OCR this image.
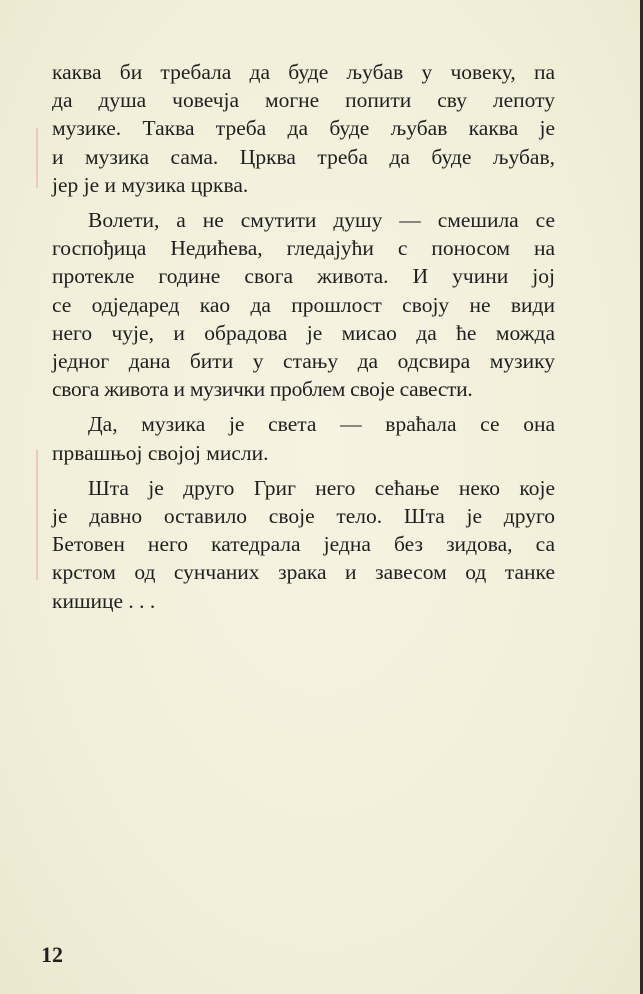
каква би требала да буде љубав у човеку, па
да душа човечја могне попити сву лепоту
музике. Таква треба да буде љубав каква је
и музика сама. Црква треба да буде љубав,
јер је и музика црква.
Волети, а не смутити душу — смешила се
госпођица Недићева, гледајући с поносом на
протекле године свога живота. И учини јој
се одједаред као да прошлост своју не види
него чује, и обрадова је мисао да ће можда
једног дана бити у стању да одсвира музику
свога живота и музички проблем своје савести.
Да, музика је света — враћала се она
првашњој својој мисли.
Шта је друго Григ него сећање неко које
је давно оставило своје тело. Шта је друго
Бетовен него катедрала једна без зидова, са
крстом од сунчаних зрака и завесом од танке
кишице . . .
12
